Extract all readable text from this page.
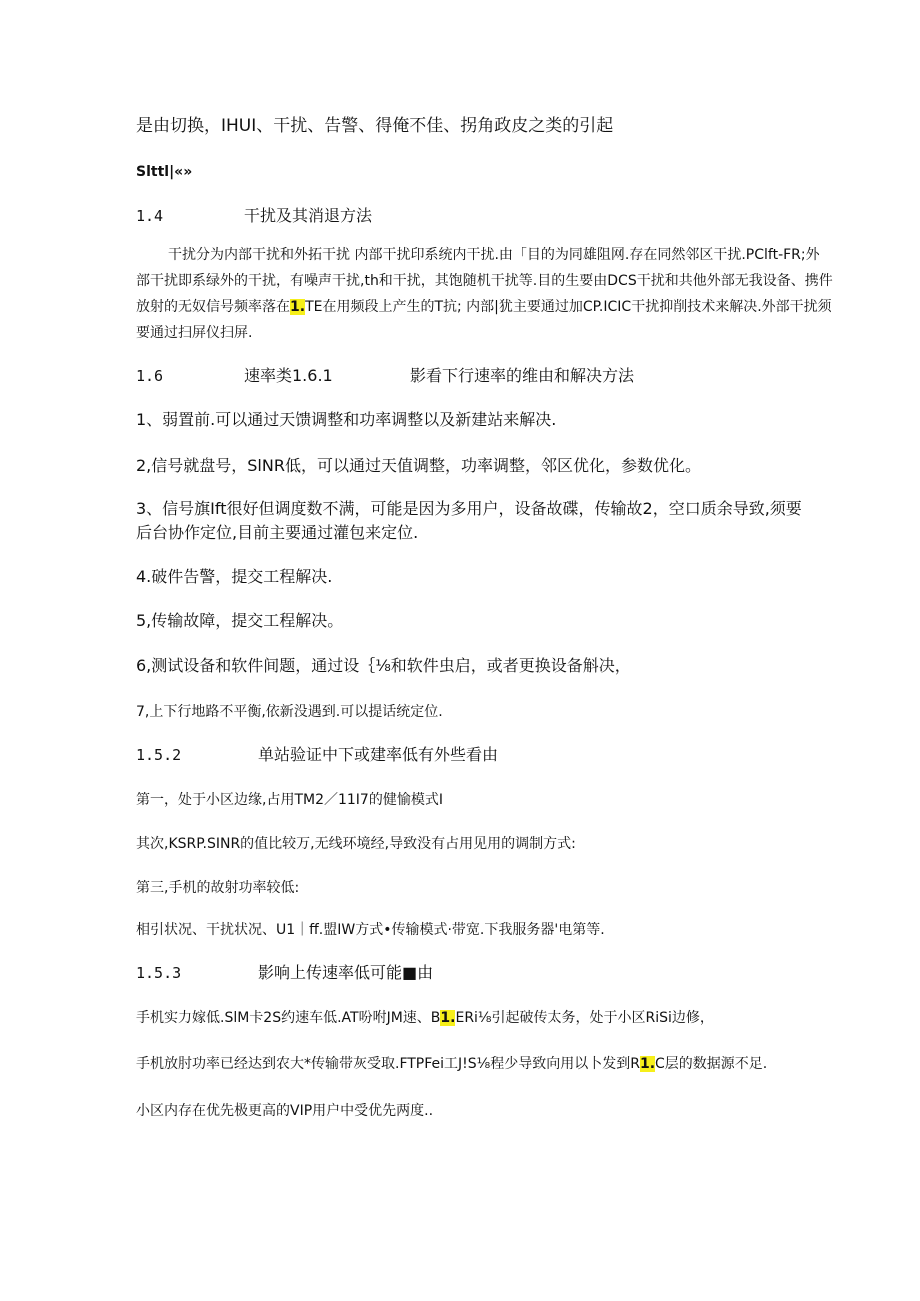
是由切换，IHUI、干扰、告警、得俺不佳、拐角政皮之类的引起

Slttl|«»

1.4	干扰及其消退方法

干扰分为内部干扰和外拓干扰 内部干扰印系统内干扰.由「目的为同雄阻网.存在同然邻区干扰.PClft-FR;外

部干扰即系绿外的干扰，有噪声干扰,th和干扰，其饱随机干扰等.目的生要由DCS干扰和共他外部无我设备、携件

放射的无奴信号频率落在1.TE在用频段上产生的T抗; 内部|犹主要通过加CP.ICIC干扰抑削技术来解决.外部干扰须

要通过扫屏仪扫屏.

1.6	速率类1.6.1	影看下行速率的维由和解决方法

1、弱置前.可以通过天馈调整和功率调整以及新建站来解决.

2,信号就盘号，SlNR低，可以通过天值调整，功率调整，邻区优化，参数优化。

3、信号旗Ift很好但调度数不满，可能是因为多用户，设备故碟，传输故2，空口质余导致,须要

后台协作定位,目前主要通过灌包来定位.

4.破件告警，提交工程解决.

5,传输故障，提交工程解决。

6,测试设备和软件间题，通过设｛⅛和软件虫启，或者更换设备斛决，

7,上下行地路不平衡,依新没遇到.可以提话统定位.

1.5.2	单站验证中下或建率低有外些看由

第一，处于小区边缘,占用TM2／11I7的健愉模式I

其次,KSRP.SINR的值比较万,无线环境经,导致没有占用见用的调制方式:

第三,手机的故射功率较低:

相引状况、干扰状况、U1｜ff.盟IW方式•传输模式·带宽.下我服务器'电第等.

1.5.3	影响上传速率低可能■由

手机实力嫁低.SlM卡2S约速车低.AT吩咐JM速、B1.ERi⅛引起破传太务，处于小区RiSi边修，

手机放肘功率已经达到农大*传输带灰受取.FTPFei工J!S⅛程少导致向用以卜发到R1.C层的数据源不足.

小区内存在优先极更高的VIP用户中受优先两度..
